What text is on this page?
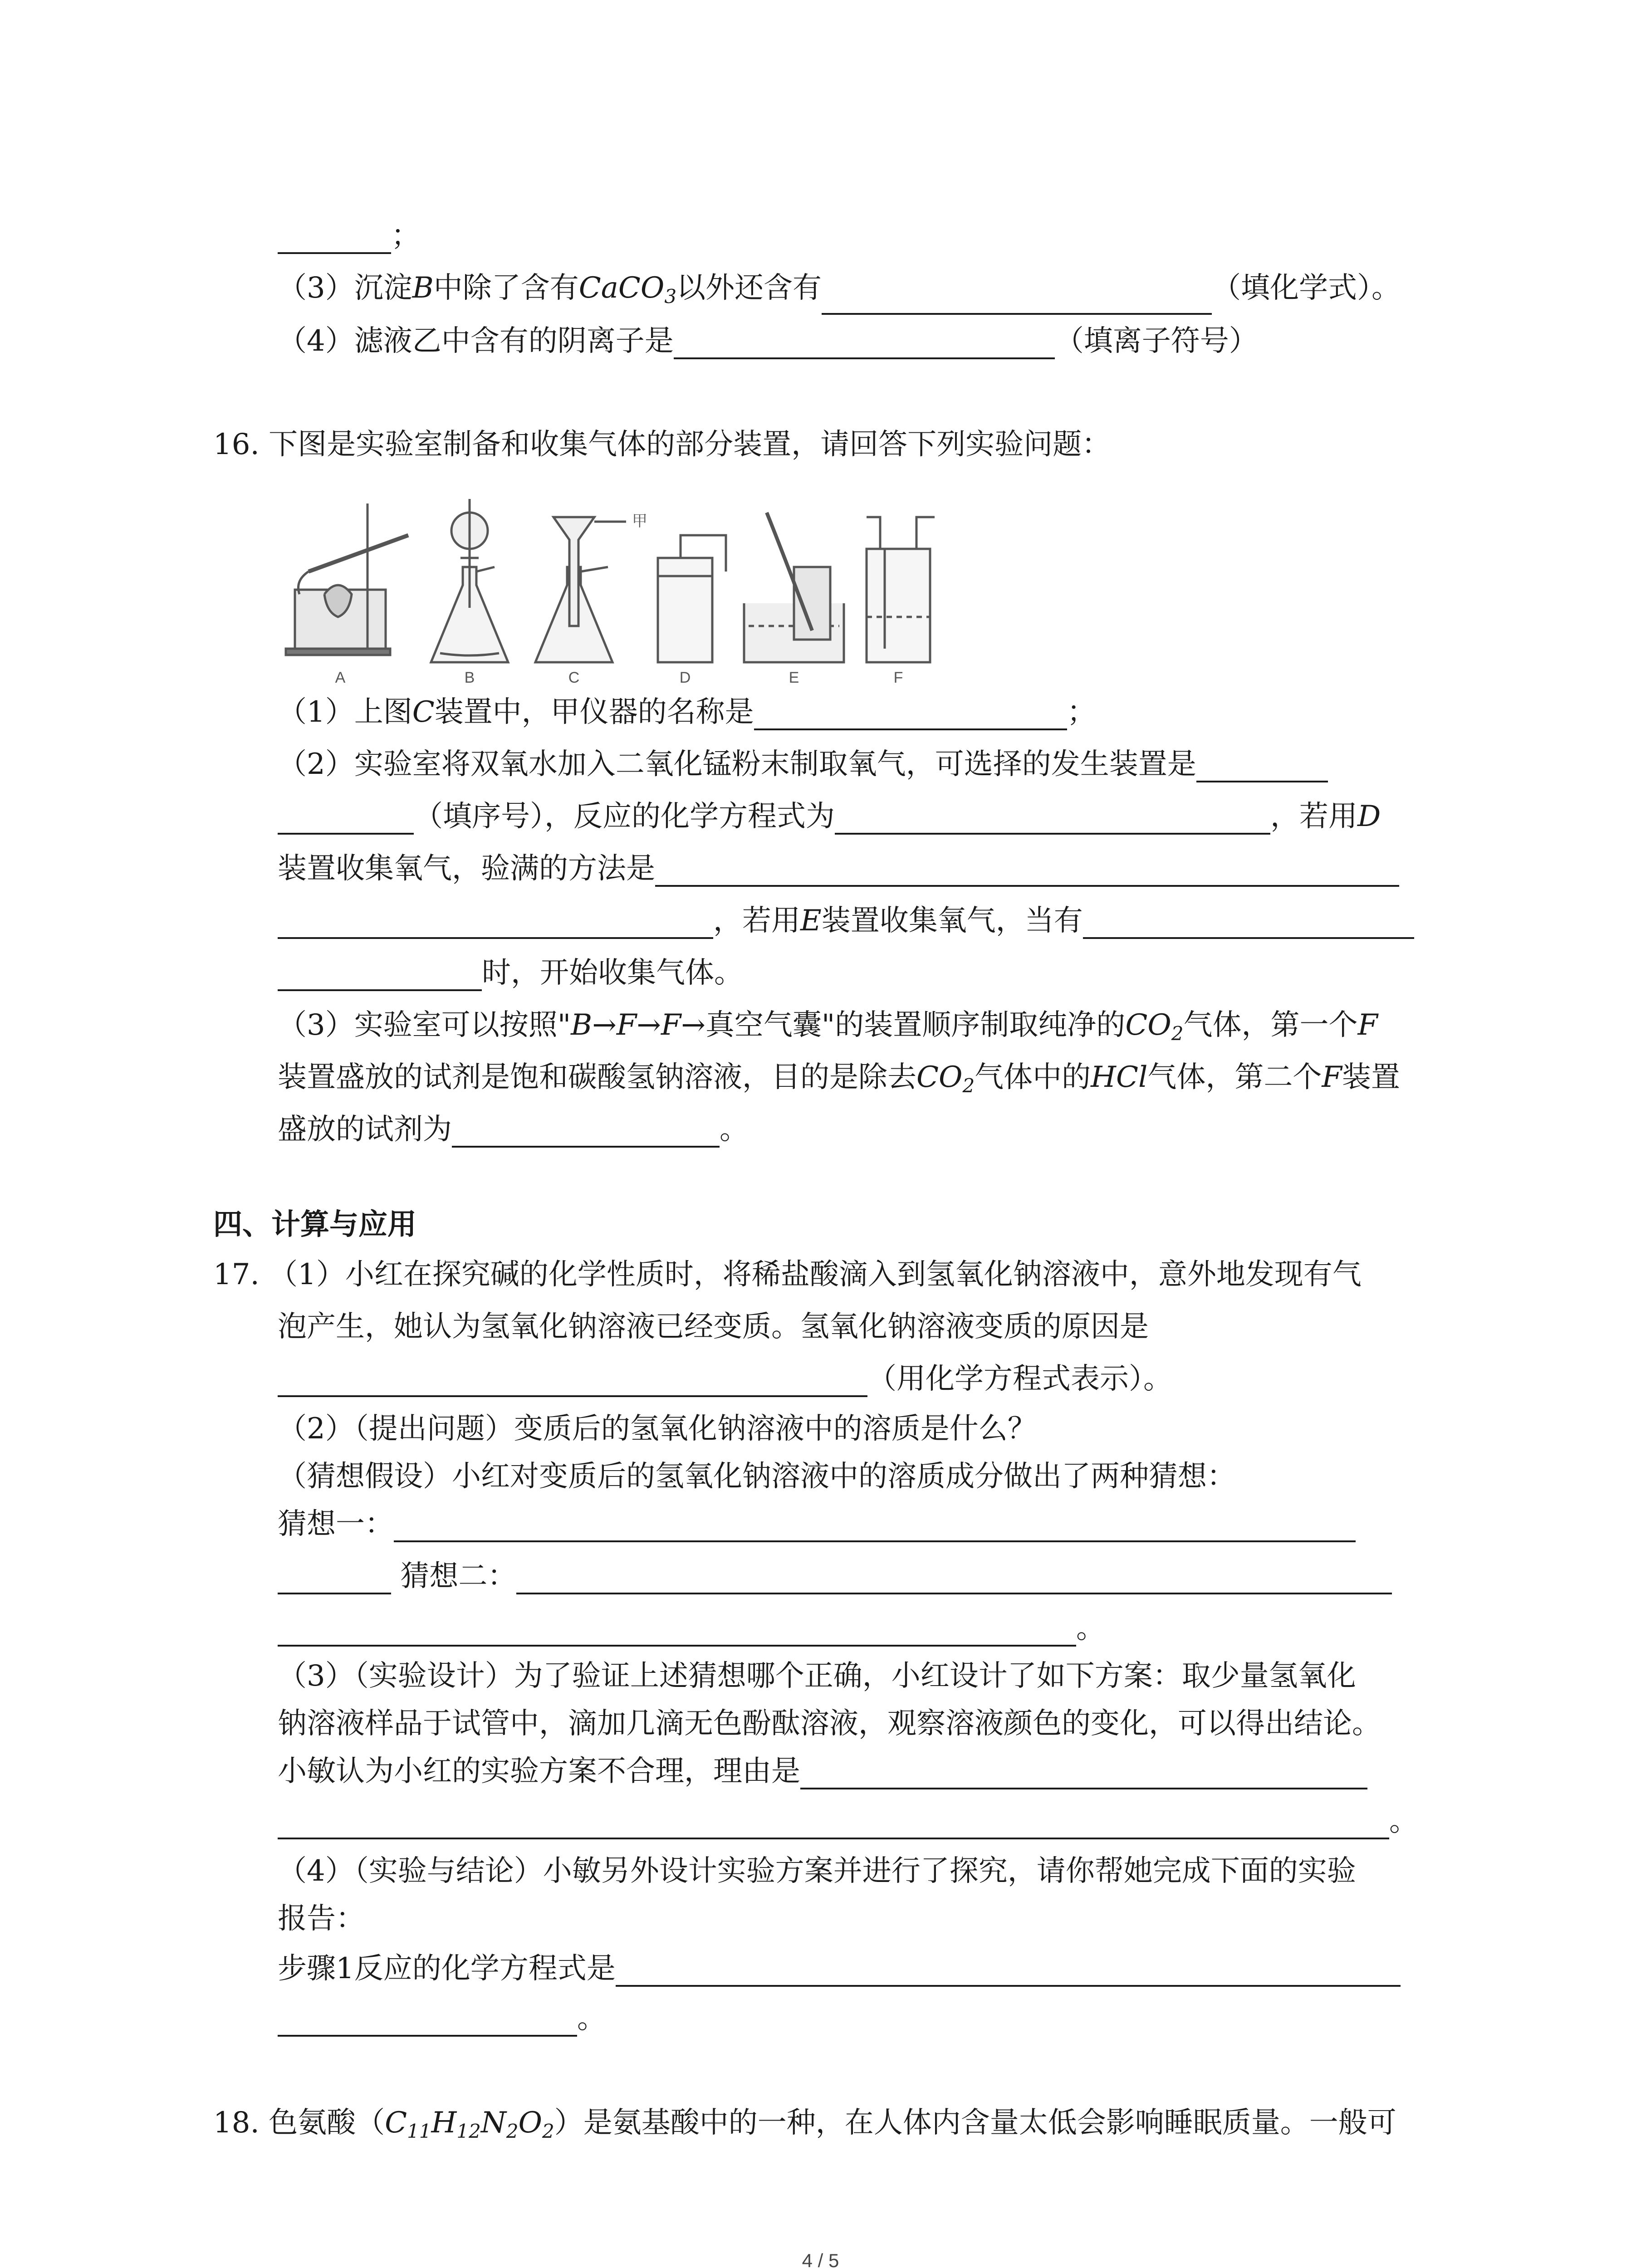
；
（3）沉淀B中除了含有CaCO$_3$以外还含有	（填化学式）。
（4）滤液乙中含有的阴离子是	（填离子符号）
16. 下图是实验室制备和收集气体的部分装置，请回答下列实验问题：
A	B	C	D	E	F
甲
（1）上图C装置中，甲仪器的名称是	；
（2）实验室将双氧水加入二氧化锰粉末制取氧气，可选择的发生装置是
（填序号），反应的化学方程式为	，若用D
装置收集氧气，验满的方法是
，若用E装置收集氧气，当有
时，开始收集气体。
（3）实验室可以按照"B→F→F→真空气囊"的装置顺序制取纯净的$CO_2$气体，第一个F
装置盛放的试剂是饱和碳酸氢钠溶液，目的是除去$CO_2$气体中的HCl气体，第二个F装置
盛放的试剂为	。
四、计算与应用
17. （1）小红在探究碱的化学性质时，将稀盐酸滴入到氢氧化钠溶液中，意外地发现有气
泡产生，她认为氢氧化钠溶液已经变质。氢氧化钠溶液变质的原因是
（用化学方程式表示）。
（2）（提出问题）变质后的氢氧化钠溶液中的溶质是什么？
（猜想假设）小红对变质后的氢氧化钠溶液中的溶质成分做出了两种猜想：
猜想一：
猜想二：
。
（3）（实验设计）为了验证上述猜想哪个正确，小红设计了如下方案：取少量氢氧化
钠溶液样品于试管中，滴加几滴无色酚酞溶液，观察溶液颜色的变化，可以得出结论。
小敏认为小红的实验方案不合理，理由是
。
（4）（实验与结论）小敏另外设计实验方案并进行了探究，请你帮她完成下面的实验
报告：
步骤1反应的化学方程式是
。
18. 色氨酸$(C_{11}H_{12}N_2O_2)$是氨基酸中的一种，在人体内含量太低会影响睡眠质量。一般可
4 / 5
